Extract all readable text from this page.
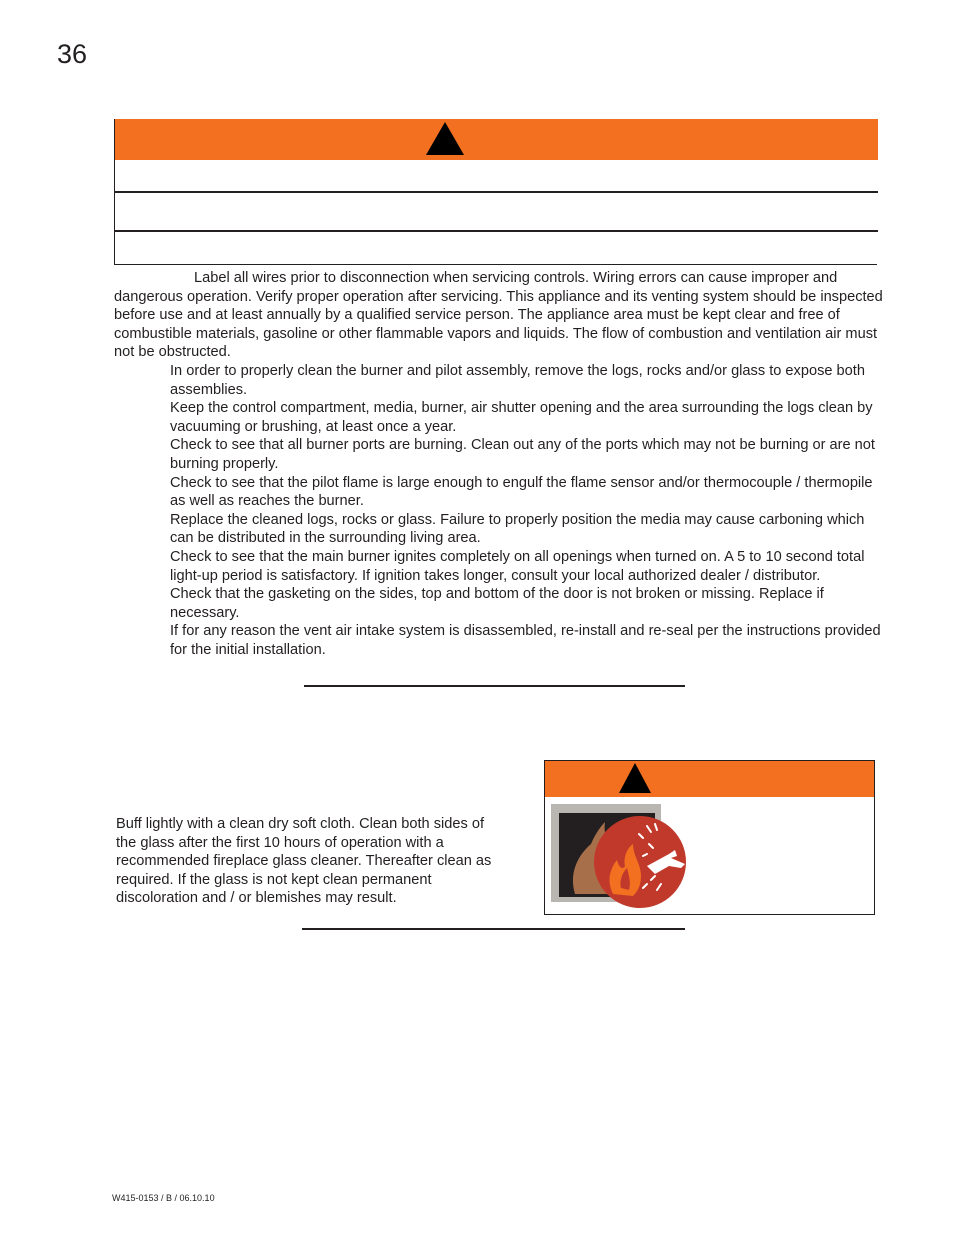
36
Label all wires prior to disconnection when servicing controls. Wiring errors can cause improper and dangerous operation. Verify proper operation after servicing. This appliance and its venting system should be inspected before use and at least annually by a qualified service person. The appliance area must be kept clear and free of combustible materials, gasoline or other flammable vapors and liquids. The flow of combustion and ventilation air must not be obstructed.

In order to properly clean the burner and pilot assembly, remove the logs, rocks and/or glass to expose both assemblies.

Keep the control compartment, media, burner, air shutter opening and the area surrounding the logs clean by vacuuming or brushing, at least once a year.

Check to see that all burner ports are burning. Clean out any of the ports which may not be burning or are not burning properly.

Check to see that the pilot flame is large enough to engulf the flame sensor and/or thermocouple / thermopile as well as reaches the burner.

Replace the cleaned logs, rocks or glass. Failure to properly position the media may cause carboning which can be distributed in the surrounding living area.

Check to see that the main burner ignites completely on all openings when turned on. A 5 to 10 second total light-up period is satisfactory. If ignition takes longer, consult your local authorized dealer / distributor.

Check that the gasketing on the sides, top and bottom of the door is not broken or missing. Replace if necessary.

If for any reason the vent air intake system is disassembled, re-install and re-seal per the instructions provided for the initial installation.

Buff lightly with a clean dry soft cloth. Clean both sides of the glass after the first 10 hours of operation with a recommended fireplace glass cleaner. Thereafter clean as required. If the glass is not kept clean permanent discoloration and / or blemishes may result.
W415-0153 / B / 06.10.10
